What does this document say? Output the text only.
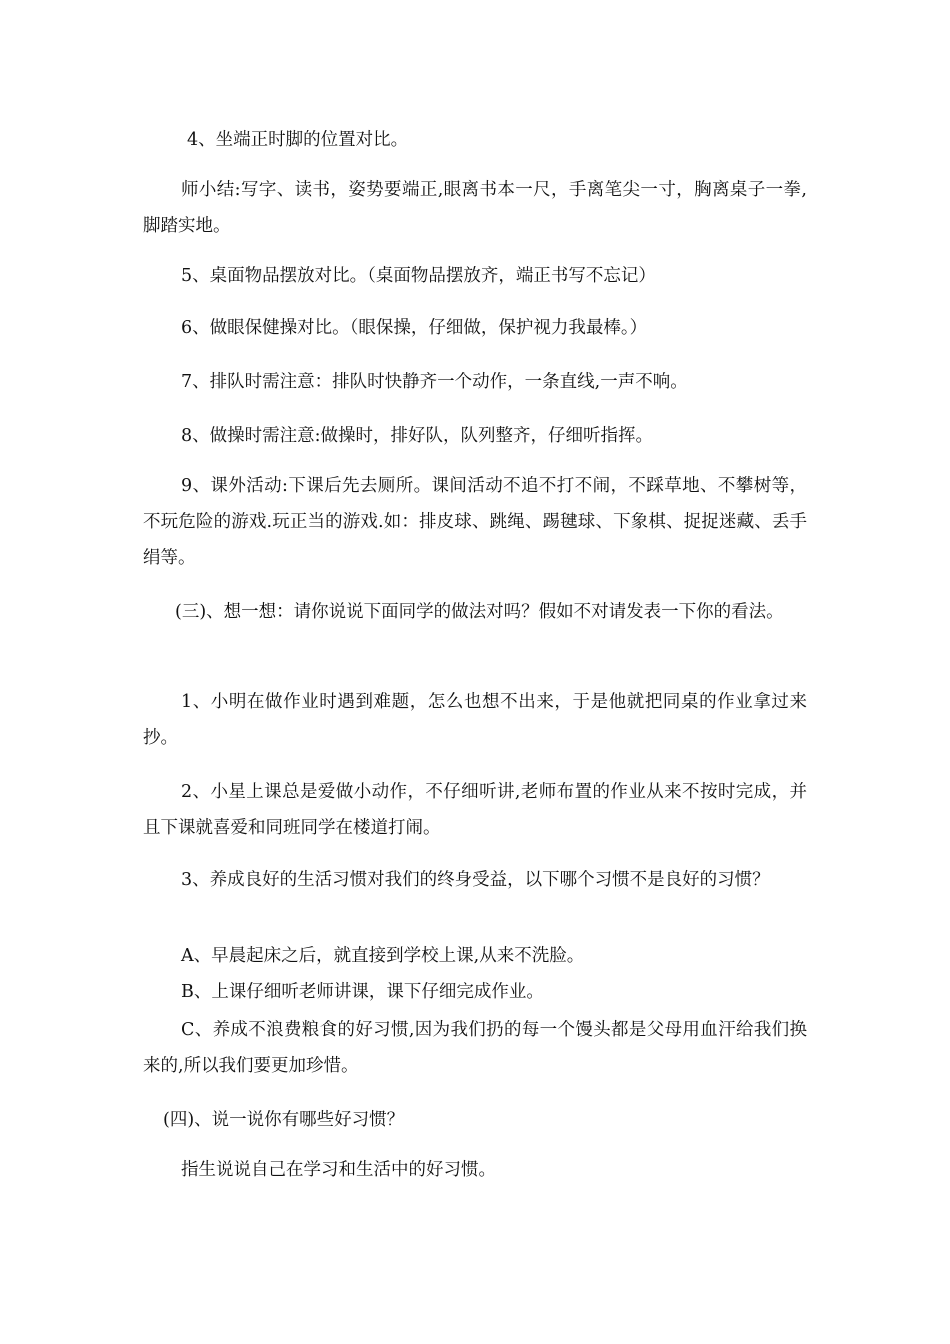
4、坐端正时脚的位置对比。

师小结:写字、读书，姿势要端正,眼离书本一尺，手离笔尖一寸，胸离桌子一拳,脚踏实地。

5、桌面物品摆放对比。（桌面物品摆放齐，端正书写不忘记）

6、做眼保健操对比。（眼保操，仔细做，保护视力我最棒。）

7、排队时需注意：排队时快静齐一个动作，一条直线,一声不响。

8、做操时需注意:做操时，排好队，队列整齐，仔细听指挥。

9、课外活动:下课后先去厕所。课间活动不追不打不闹，不踩草地、不攀树等，不玩危险的游戏.玩正当的游戏.如：排皮球、跳绳、踢毽球、下象棋、捉捉迷藏、丢手绢等。

(三)、想一想：请你说说下面同学的做法对吗？假如不对请发表一下你的看法。

1、小明在做作业时遇到难题，怎么也想不出来，于是他就把同桌的作业拿过来抄。

2、小星上课总是爱做小动作，不仔细听讲,老师布置的作业从来不按时完成，并且下课就喜爱和同班同学在楼道打闹。

3、养成良好的生活习惯对我们的终身受益，以下哪个习惯不是良好的习惯？

A、早晨起床之后，就直接到学校上课,从来不洗脸。

B、上课仔细听老师讲课，课下仔细完成作业。

C、养成不浪费粮食的好习惯,因为我们扔的每一个馒头都是父母用血汗给我们换来的,所以我们要更加珍惜。

(四)、说一说你有哪些好习惯？

指生说说自己在学习和生活中的好习惯。
